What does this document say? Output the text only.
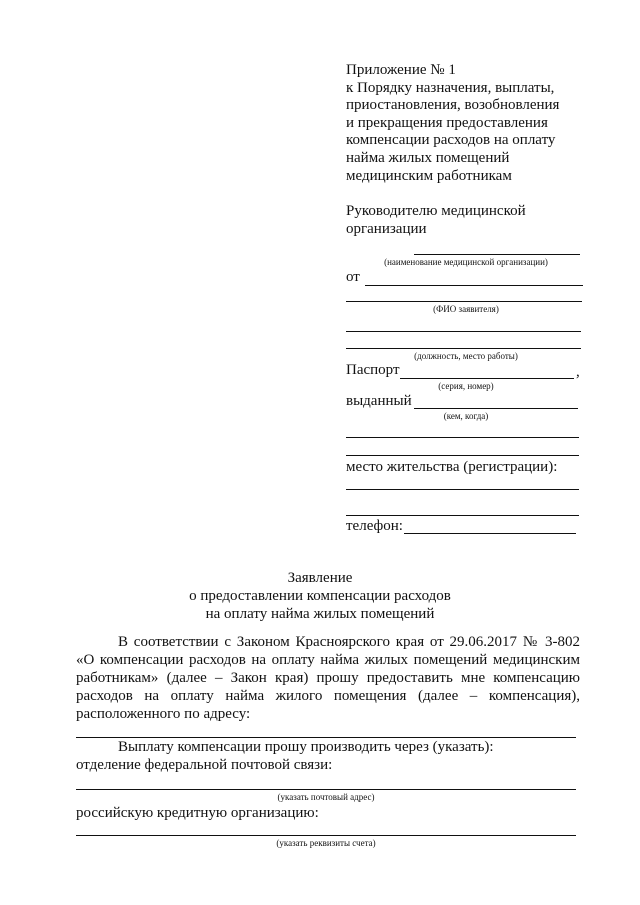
Приложение № 1
к Порядку назначения, выплаты,
приостановления, возобновления
и прекращения предоставления
компенсации расходов на оплату
найма жилых помещений
медицинским работникам
Руководителю медицинской
организации
(наименование медицинской организации)
от
(ФИО заявителя)
(должность, место работы)
Паспорт	,
(серия, номер)
выданный
(кем, когда)
место жительства (регистрации):
телефон:
Заявление
о предоставлении компенсации расходов
на оплату найма жилых помещений
В соответствии с Законом Красноярского края от 29.06.2017 № 3-802
«О компенсации расходов на оплату найма жилых помещений медицинским
работникам» (далее – Закон края) прошу предоставить мне компенсацию
расходов на оплату найма жилого помещения (далее – компенсация),
расположенного по адресу:
Выплату компенсации прошу производить через (указать):
отделение федеральной почтовой связи:
(указать почтовый адрес)
российскую кредитную организацию:
(указать реквизиты счета)
